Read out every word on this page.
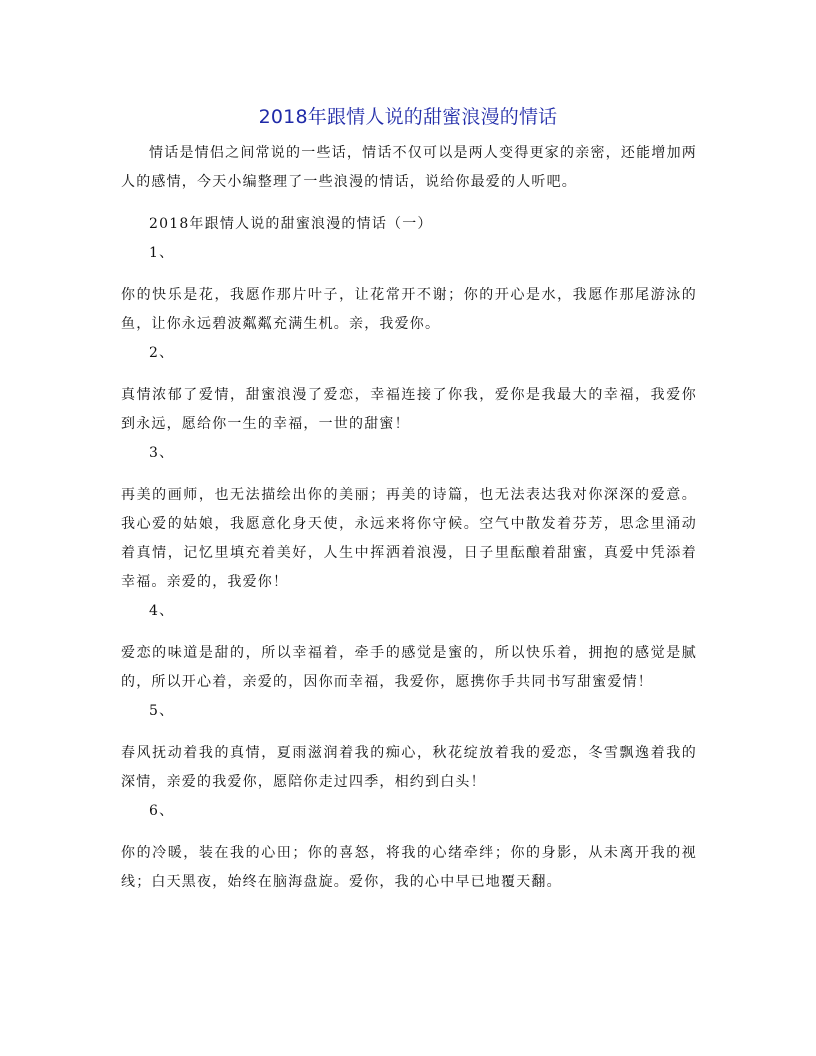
2018年跟情人说的甜蜜浪漫的情话

情话是情侣之间常说的一些话，情话不仅可以是两人变得更家的亲密，还能增加两人的感情，今天小编整理了一些浪漫的情话，说给你最爱的人听吧。

2018年跟情人说的甜蜜浪漫的情话（一）

1、

你的快乐是花，我愿作那片叶子，让花常开不谢；你的开心是水，我愿作那尾游泳的鱼，让你永远碧波粼粼充满生机。亲，我爱你。

2、

真情浓郁了爱情，甜蜜浪漫了爱恋，幸福连接了你我，爱你是我最大的幸福，我爱你到永远，愿给你一生的幸福，一世的甜蜜！

3、

再美的画师，也无法描绘出你的美丽；再美的诗篇，也无法表达我对你深深的爱意。我心爱的姑娘，我愿意化身天使，永远来将你守候。空气中散发着芬芳，思念里涌动着真情，记忆里填充着美好，人生中挥洒着浪漫，日子里酝酿着甜蜜，真爱中凭添着幸福。亲爱的，我爱你！

4、

爱恋的味道是甜的，所以幸福着，牵手的感觉是蜜的，所以快乐着，拥抱的感觉是腻的，所以开心着，亲爱的，因你而幸福，我爱你，愿携你手共同书写甜蜜爱情！

5、

春风抚动着我的真情，夏雨滋润着我的痴心，秋花绽放着我的爱恋，冬雪飘逸着我的深情，亲爱的我爱你，愿陪你走过四季，相约到白头！

6、

你的冷暖，装在我的心田；你的喜怒，将我的心绪牵绊；你的身影，从未离开我的视线；白天黑夜，始终在脑海盘旋。爱你，我的心中早已地覆天翻。
